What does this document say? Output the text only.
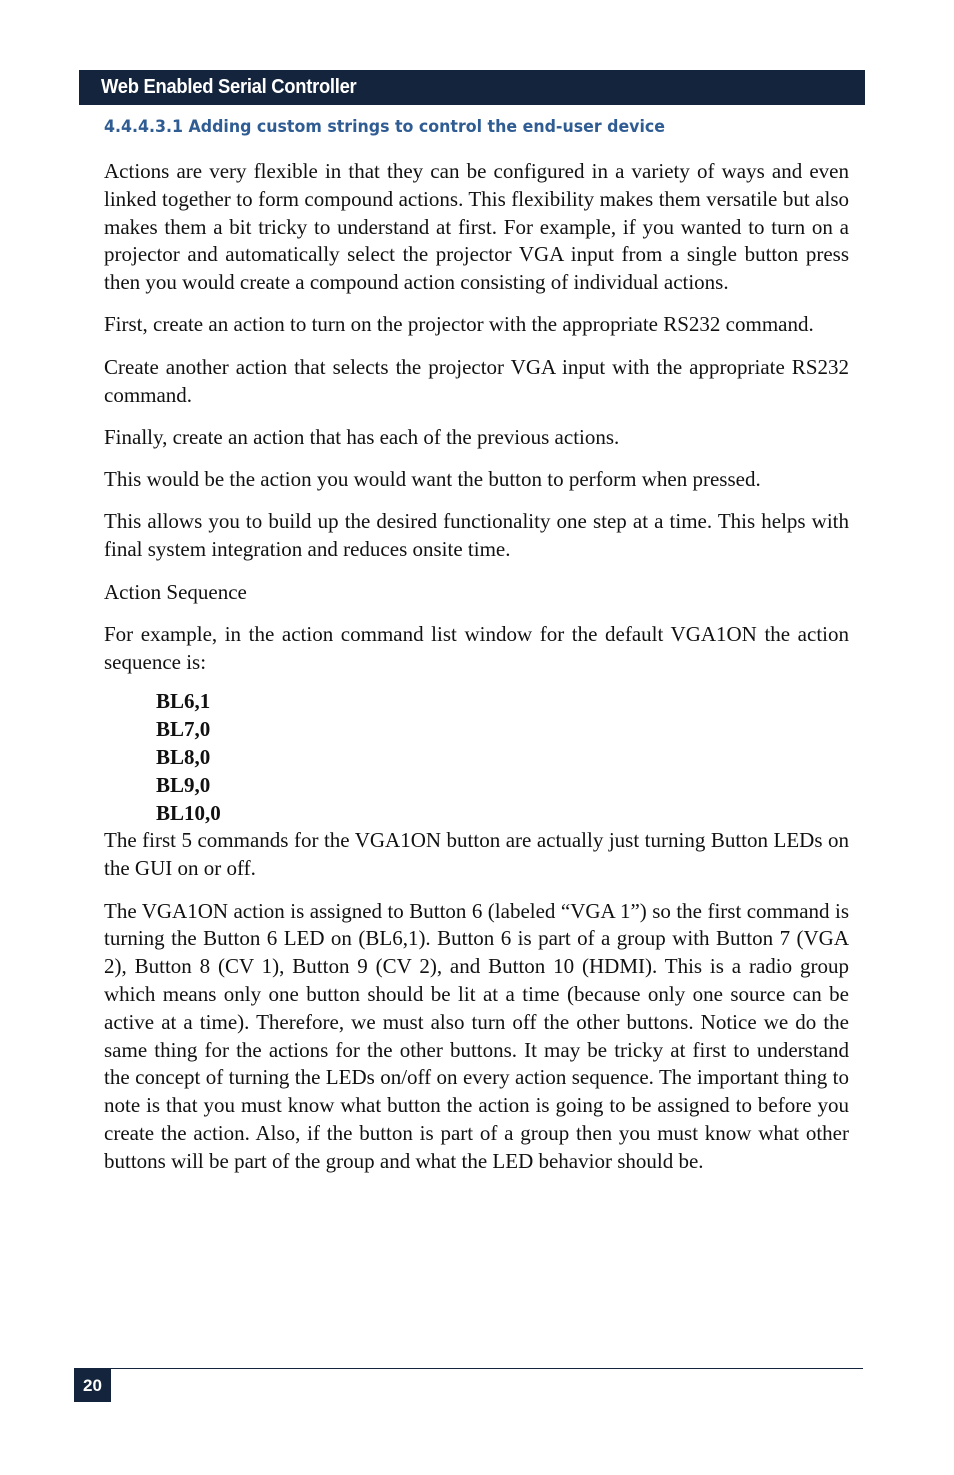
Web Enabled Serial Controller
4.4.4.3.1 Adding custom strings to control the end-user device

Actions are very flexible in that they can be configured in a variety of ways and even linked together to form compound actions. This flexibility makes them versatile but also makes them a bit tricky to understand at first. For example, if you wanted to turn on a projector and automatically select the projector VGA input from a single button press then you would create a compound action consisting of individual actions.

First, create an action to turn on the projector with the appropriate RS232 command.

Create another action that selects the projector VGA input with the appropriate RS232 command.

Finally, create an action that has each of the previous actions.

This would be the action you would want the button to perform when pressed.

This allows you to build up the desired functionality one step at a time. This helps with final system integration and reduces onsite time.

Action Sequence

For example, in the action command list window for the default VGA1ON the action sequence is:

BL6,1
BL7,0
BL8,0
BL9,0
BL10,0

The first 5 commands for the VGA1ON button are actually just turning Button LEDs on the GUI on or off.

The VGA1ON action is assigned to Button 6 (labeled “VGA 1”) so the first command is turning the Button 6 LED on (BL6,1). Button 6 is part of a group with Button 7 (VGA 2), Button 8 (CV 1), Button 9 (CV 2), and Button 10 (HDMI). This is a radio group which means only one button should be lit at a time (because only one source can be active at a time). Therefore, we must also turn off the other buttons. Notice we do the same thing for the actions for the other buttons. It may be tricky at first to understand the concept of turning the LEDs on/off on every action sequence. The important thing to note is that you must know what button the action is going to be assigned to before you create the action. Also, if the button is part of a group then you must know what other buttons will be part of the group and what the LED behavior should be.

20
